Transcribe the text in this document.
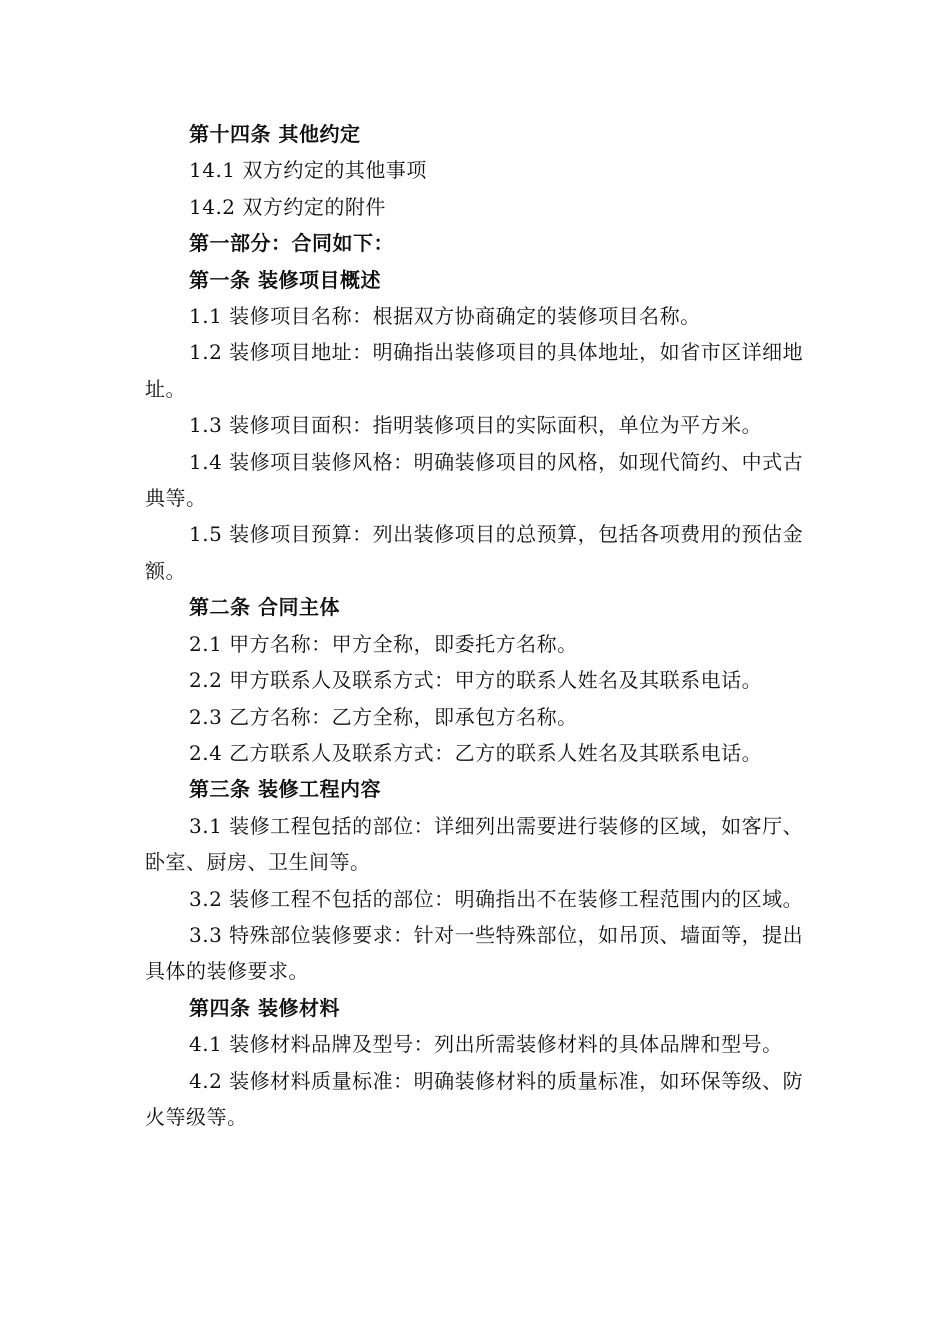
第十四条 其他约定

14.1 双方约定的其他事项

14.2 双方约定的附件

第一部分：合同如下：

第一条 装修项目概述

1.1 装修项目名称：根据双方协商确定的装修项目名称。

1.2 装修项目地址：明确指出装修项目的具体地址，如省市区详细地址。

1.3 装修项目面积：指明装修项目的实际面积，单位为平方米。

1.4 装修项目装修风格：明确装修项目的风格，如现代简约、中式古典等。

1.5 装修项目预算：列出装修项目的总预算，包括各项费用的预估金额。

第二条 合同主体

2.1 甲方名称：甲方全称，即委托方名称。

2.2 甲方联系人及联系方式：甲方的联系人姓名及其联系电话。

2.3 乙方名称：乙方全称，即承包方名称。

2.4 乙方联系人及联系方式：乙方的联系人姓名及其联系电话。

第三条 装修工程内容

3.1 装修工程包括的部位：详细列出需要进行装修的区域，如客厅、卧室、厨房、卫生间等。

3.2 装修工程不包括的部位：明确指出不在装修工程范围内的区域。

3.3 特殊部位装修要求：针对一些特殊部位，如吊顶、墙面等，提出具体的装修要求。

第四条 装修材料

4.1 装修材料品牌及型号：列出所需装修材料的具体品牌和型号。

4.2 装修材料质量标准：明确装修材料的质量标准，如环保等级、防火等级等。
